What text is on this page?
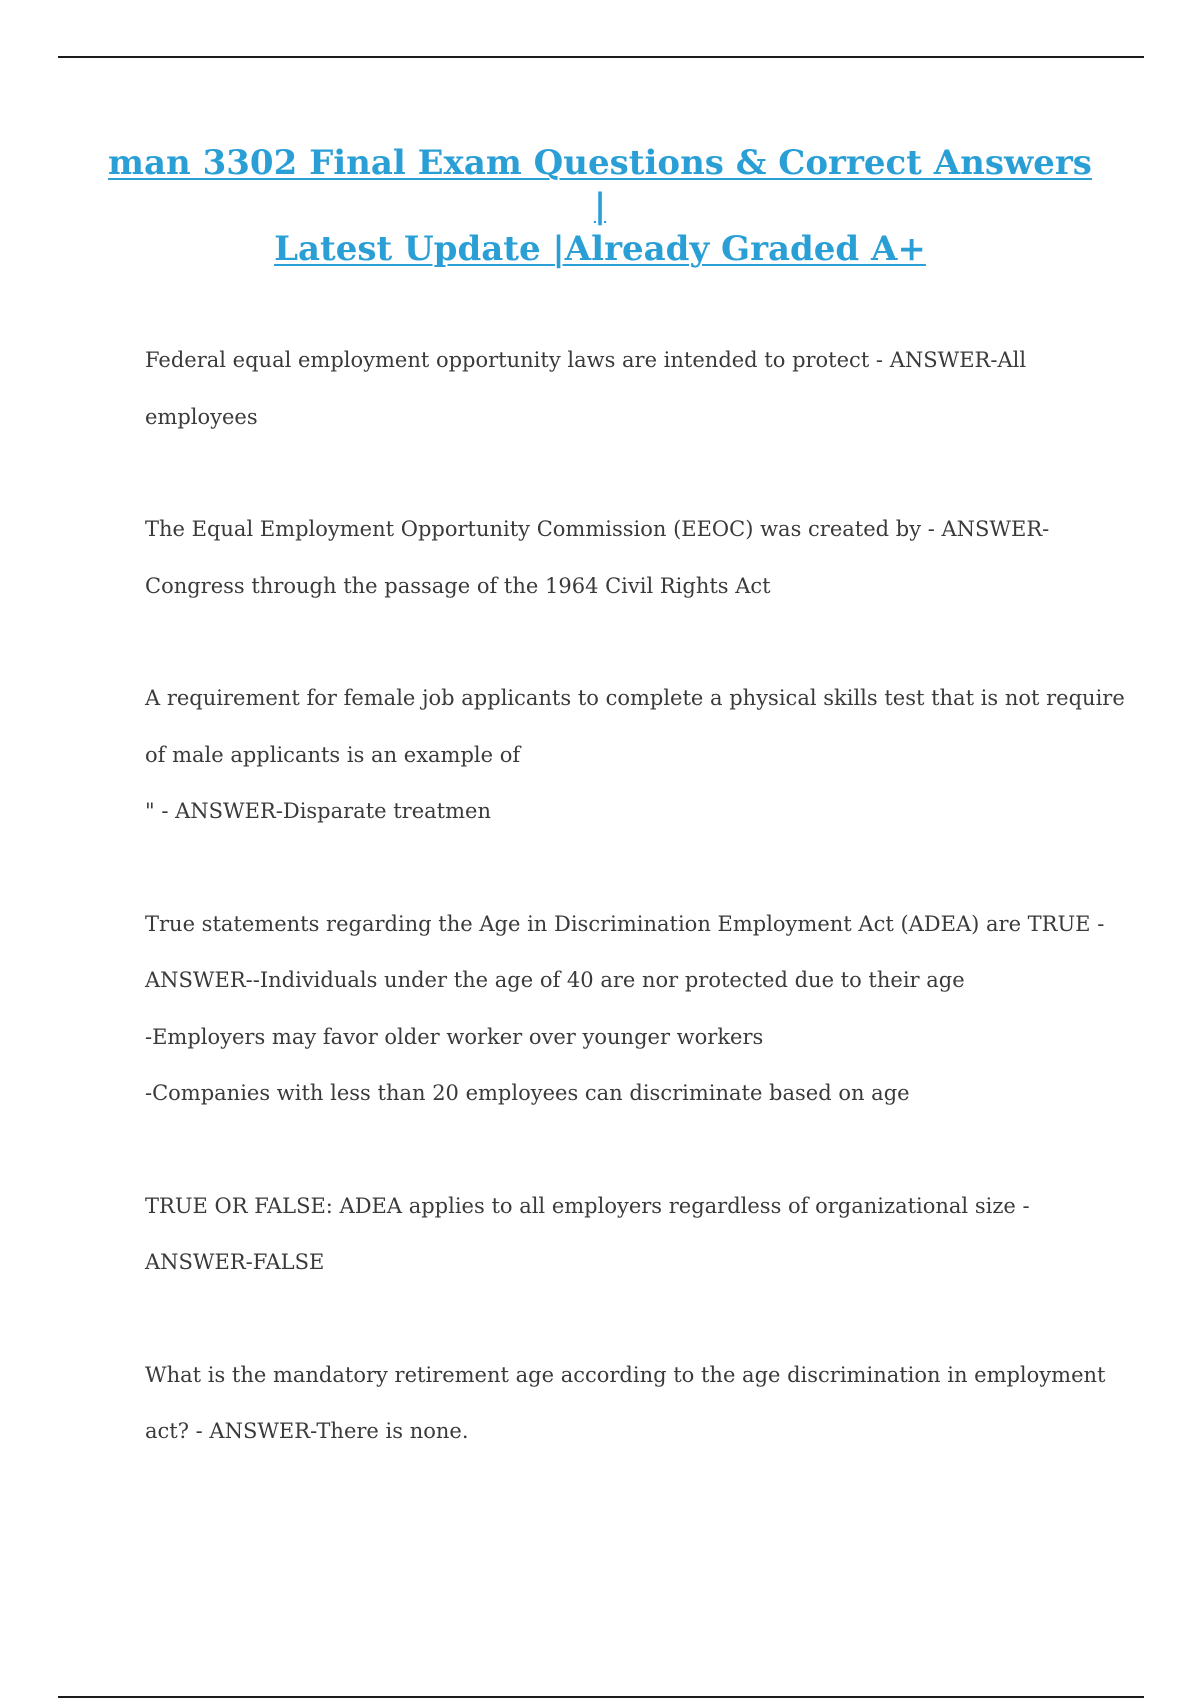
man 3302 Final Exam Questions & Correct Answers |
Latest Update |Already Graded A+

Federal equal employment opportunity laws are intended to protect - ANSWER-All

employees

The Equal Employment Opportunity Commission (EEOC) was created by - ANSWER-

Congress through the passage of the 1964 Civil Rights Act

A requirement for female job applicants to complete a physical skills test that is not require

of male applicants is an example of

" - ANSWER-Disparate treatmen

True statements regarding the Age in Discrimination Employment Act (ADEA) are TRUE -

ANSWER--Individuals under the age of 40 are nor protected due to their age

-Employers may favor older worker over younger workers

-Companies with less than 20 employees can discriminate based on age

TRUE OR FALSE: ADEA applies to all employers regardless of organizational size -

ANSWER-FALSE

What is the mandatory retirement age according to the age discrimination in employment

act? - ANSWER-There is none.
